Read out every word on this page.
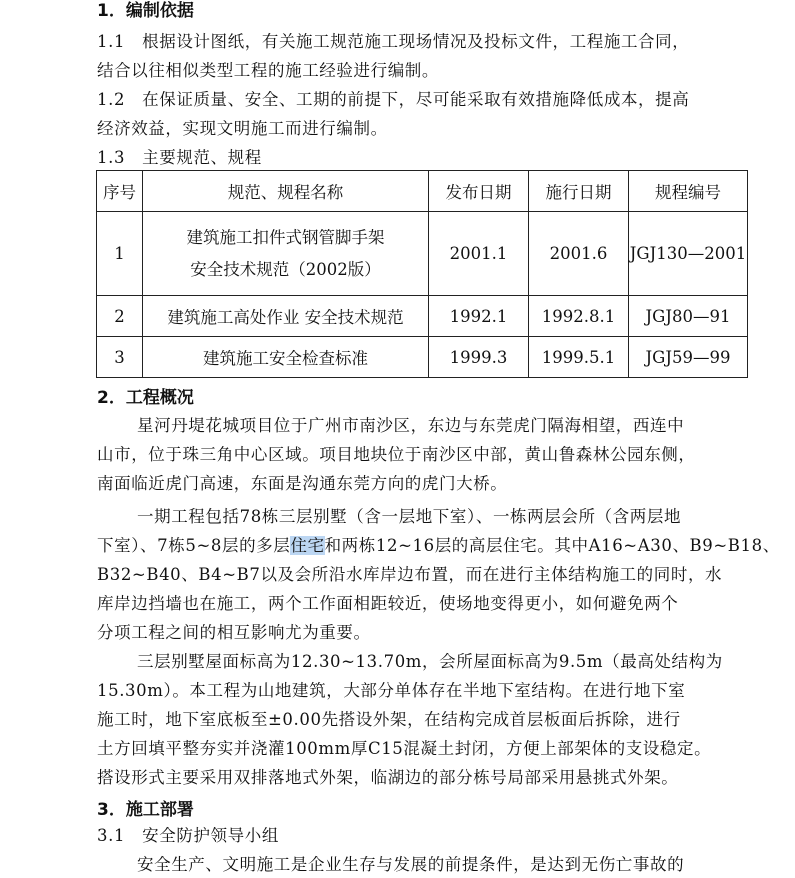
1．编制依据
1.1　根据设计图纸，有关施工规范施工现场情况及投标文件，工程施工合同，
结合以往相似类型工程的施工经验进行编制。
1.2　在保证质量、安全、工期的前提下，尽可能采取有效措施降低成本，提高
经济效益，实现文明施工而进行编制。
1.3　主要规范、规程
序号	规范、规程名称	发布日期	施行日期	规程编号
1	建筑施工扣件式钢管脚手架
安全技术规范（2002版）	2001.1	2001.6	JGJ130—2001
2	建筑施工高处作业 安全技术规范	1992.1	1992.8.1	JGJ80—91
3	建筑施工安全检查标准	1999.3	1999.5.1	JGJ59—99
2．工程概况
星河丹堤花城项目位于广州市南沙区，东边与东莞虎门隔海相望，西连中
山市，位于珠三角中心区域。项目地块位于南沙区中部，黄山鲁森林公园东侧，
南面临近虎门高速，东面是沟通东莞方向的虎门大桥。
一期工程包括78栋三层别墅（含一层地下室）、一栋两层会所（含两层地
下室）、7栋5~8层的多层住宅和两栋12~16层的高层住宅。其中A16~A30、B9~B18、
B32~B40、B4~B7以及会所沿水库岸边布置，而在进行主体结构施工的同时，水
库岸边挡墙也在施工，两个工作面相距较近，使场地变得更小，如何避免两个
分项工程之间的相互影响尤为重要。
三层别墅屋面标高为12.30~13.70m，会所屋面标高为9.5m（最高处结构为
15.30m）。本工程为山地建筑，大部分单体存在半地下室结构。在进行地下室
施工时，地下室底板至±0.00先搭设外架，在结构完成首层板面后拆除，进行
土方回填平整夯实并浇灌100mm厚C15混凝土封闭，方便上部架体的支设稳定。
搭设形式主要采用双排落地式外架，临湖边的部分栋号局部采用悬挑式外架。
3．施工部署
3.1　安全防护领导小组
安全生产、文明施工是企业生存与发展的前提条件，是达到无伤亡事故的
